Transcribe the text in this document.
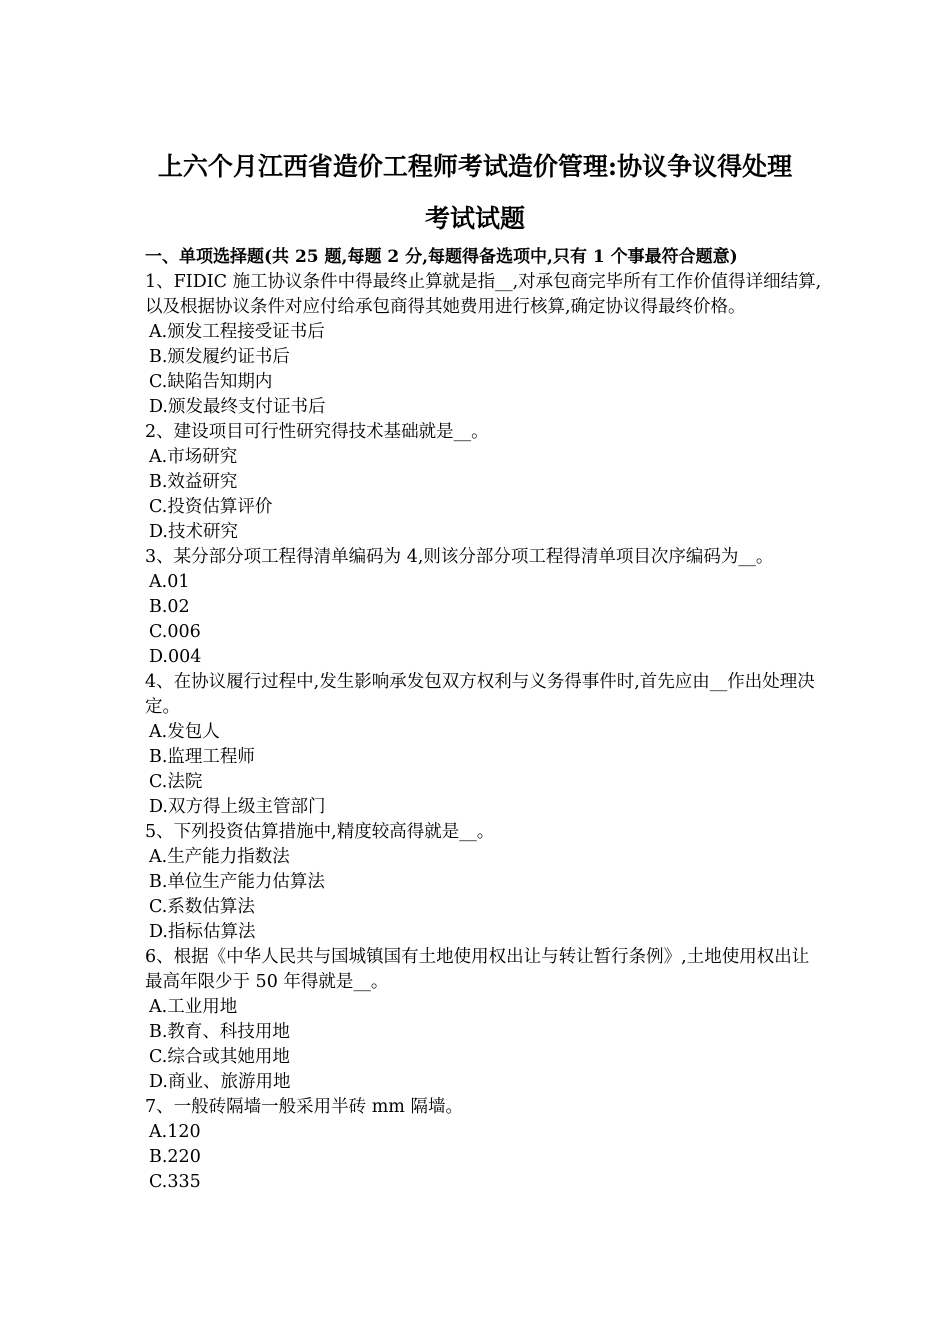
上六个月江西省造价工程师考试造价管理:协议争议得处理
考试试题
一、单项选择题(共 25 题,每题 2 分,每题得备选项中,只有 1 个事最符合题意)

1、FIDIC 施工协议条件中得最终止算就是指__,对承包商完毕所有工作价值得详细结算,以及根据协议条件对应付给承包商得其她费用进行核算,确定协议得最终价格。

A.颁发工程接受证书后
B.颁发履约证书后
C.缺陷告知期内
D.颁发最终支付证书后

2、建设项目可行性研究得技术基础就是__。

A.市场研究
B.效益研究
C.投资估算评价
D.技术研究

3、某分部分项工程得清单编码为 4,则该分部分项工程得清单项目次序编码为__。

A.01
B.02
C.006
D.004

4、在协议履行过程中,发生影响承发包双方权利与义务得事件时,首先应由__作出处理决定。

A.发包人
B.监理工程师
C.法院
D.双方得上级主管部门

5、下列投资估算措施中,精度较高得就是__。

A.生产能力指数法
B.单位生产能力估算法
C.系数估算法
D.指标估算法

6、根据《中华人民共与国城镇国有土地使用权出让与转让暂行条例》,土地使用权出让最高年限少于 50 年得就是__。

A.工业用地
B.教育、科技用地
C.综合或其她用地
D.商业、旅游用地

7、一般砖隔墙一般采用半砖 mm 隔墙。

A.120
B.220
C.335
